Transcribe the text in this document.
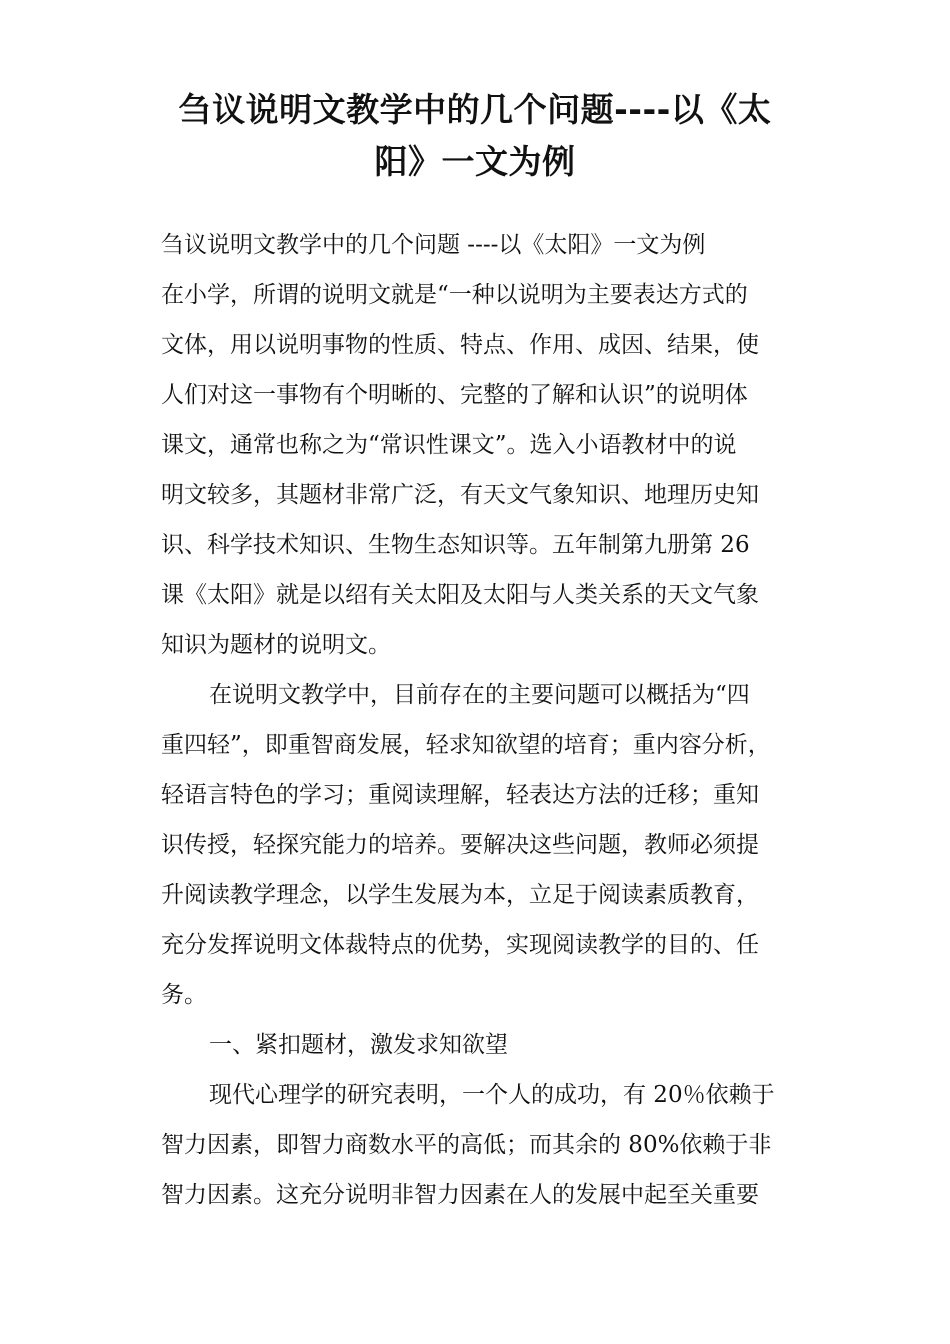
刍议说明文教学中的几个问题----以《太
阳》一文为例
刍议说明文教学中的几个问题 ----以《太阳》一文为例
在小学，所谓的说明文就是“一种以说明为主要表达方式的
文体，用以说明事物的性质、特点、作用、成因、结果，使
人们对这一事物有个明晰的、完整的了解和认识”的说明体
课文，通常也称之为“常识性课文”。选入小语教材中的说
明文较多，其题材非常广泛，有天文气象知识、地理历史知
识、科学技术知识、生物生态知识等。五年制第九册第 26
课《太阳》就是以绍有关太阳及太阳与人类关系的天文气象
知识为题材的说明文。
在说明文教学中，目前存在的主要问题可以概括为“四
重四轻”，即重智商发展，轻求知欲望的培育；重内容分析，
轻语言特色的学习；重阅读理解，轻表达方法的迁移；重知
识传授，轻探究能力的培养。要解决这些问题，教师必须提
升阅读教学理念，以学生发展为本，立足于阅读素质教育，
充分发挥说明文体裁特点的优势，实现阅读教学的目的、任
务。
一、紧扣题材，激发求知欲望
现代心理学的研究表明，一个人的成功，有 20％依赖于
智力因素，即智力商数水平的高低；而其余的 80%依赖于非
智力因素。这充分说明非智力因素在人的发展中起至关重要
